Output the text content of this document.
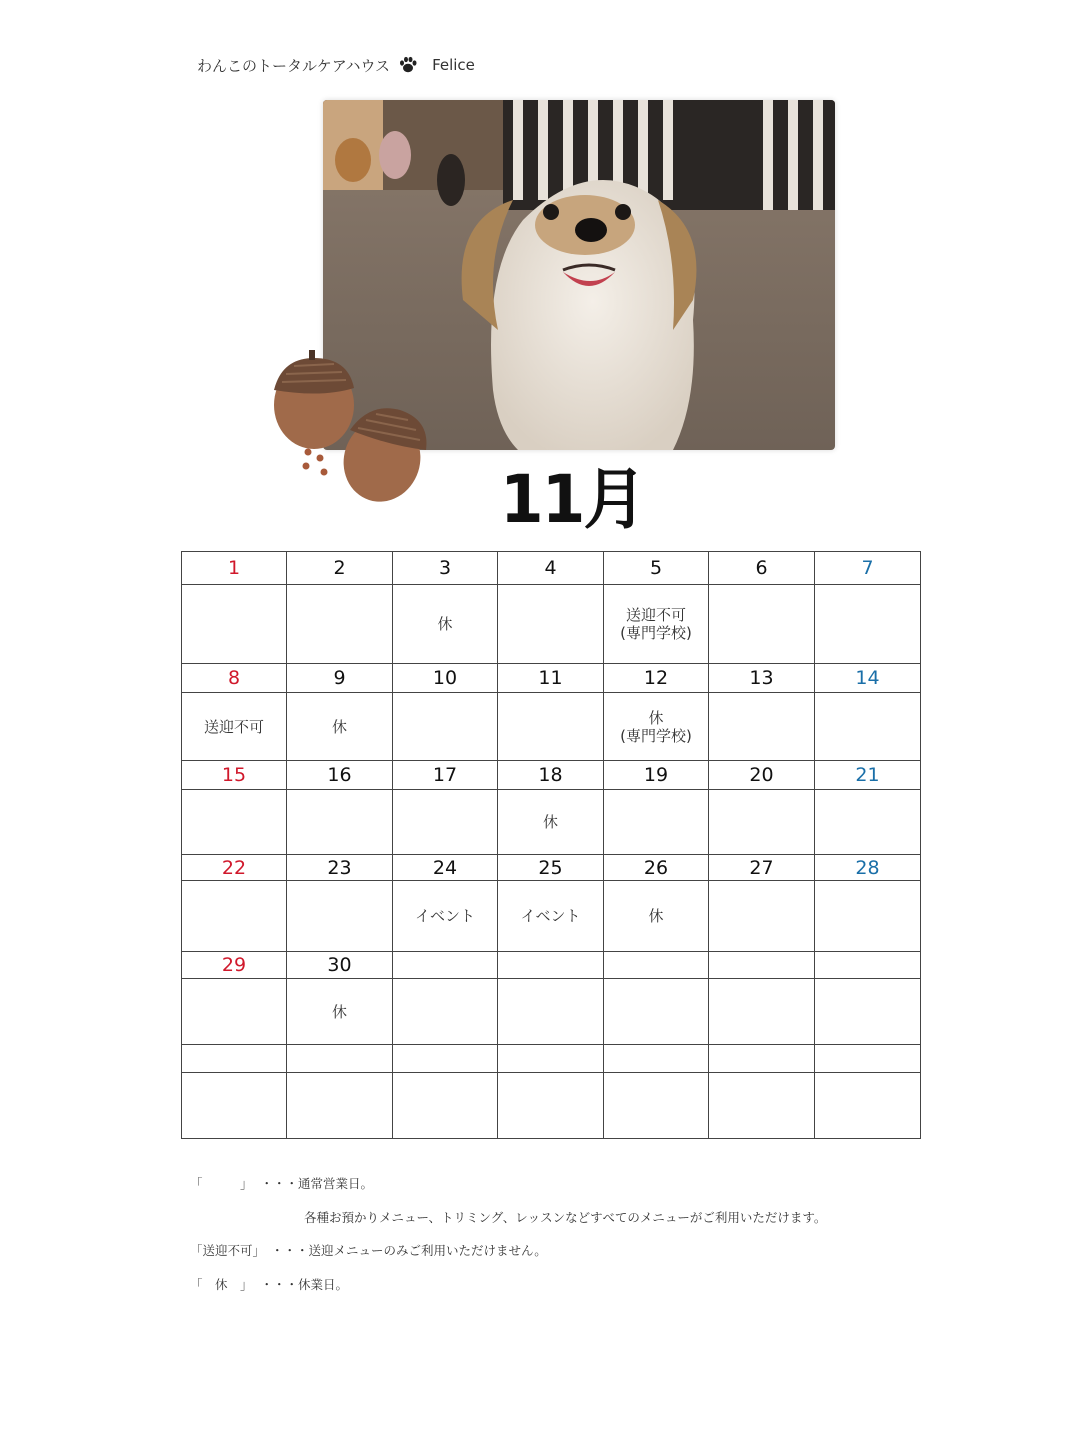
わんこのトータルケアハウス	Felice
11月
1	2	3	4	5	6	7

		休		送迎不可
(専門学校)		

8	9	10	11	12	13	14

送迎不可	休			休
(専門学校)		

15	16	17	18	19	20	21

			休			

22	23	24	25	26	27	28

		イベント	イベント	休		

29	30					

	休					

「　　　」 ・・・通常営業日。
各種お預かりメニュー、トリミング、レッスンなどすべてのメニューがご利用いただけます。
「送迎不可」 ・・・送迎メニューのみご利用いただけません。
「　休　」 ・・・休業日。
